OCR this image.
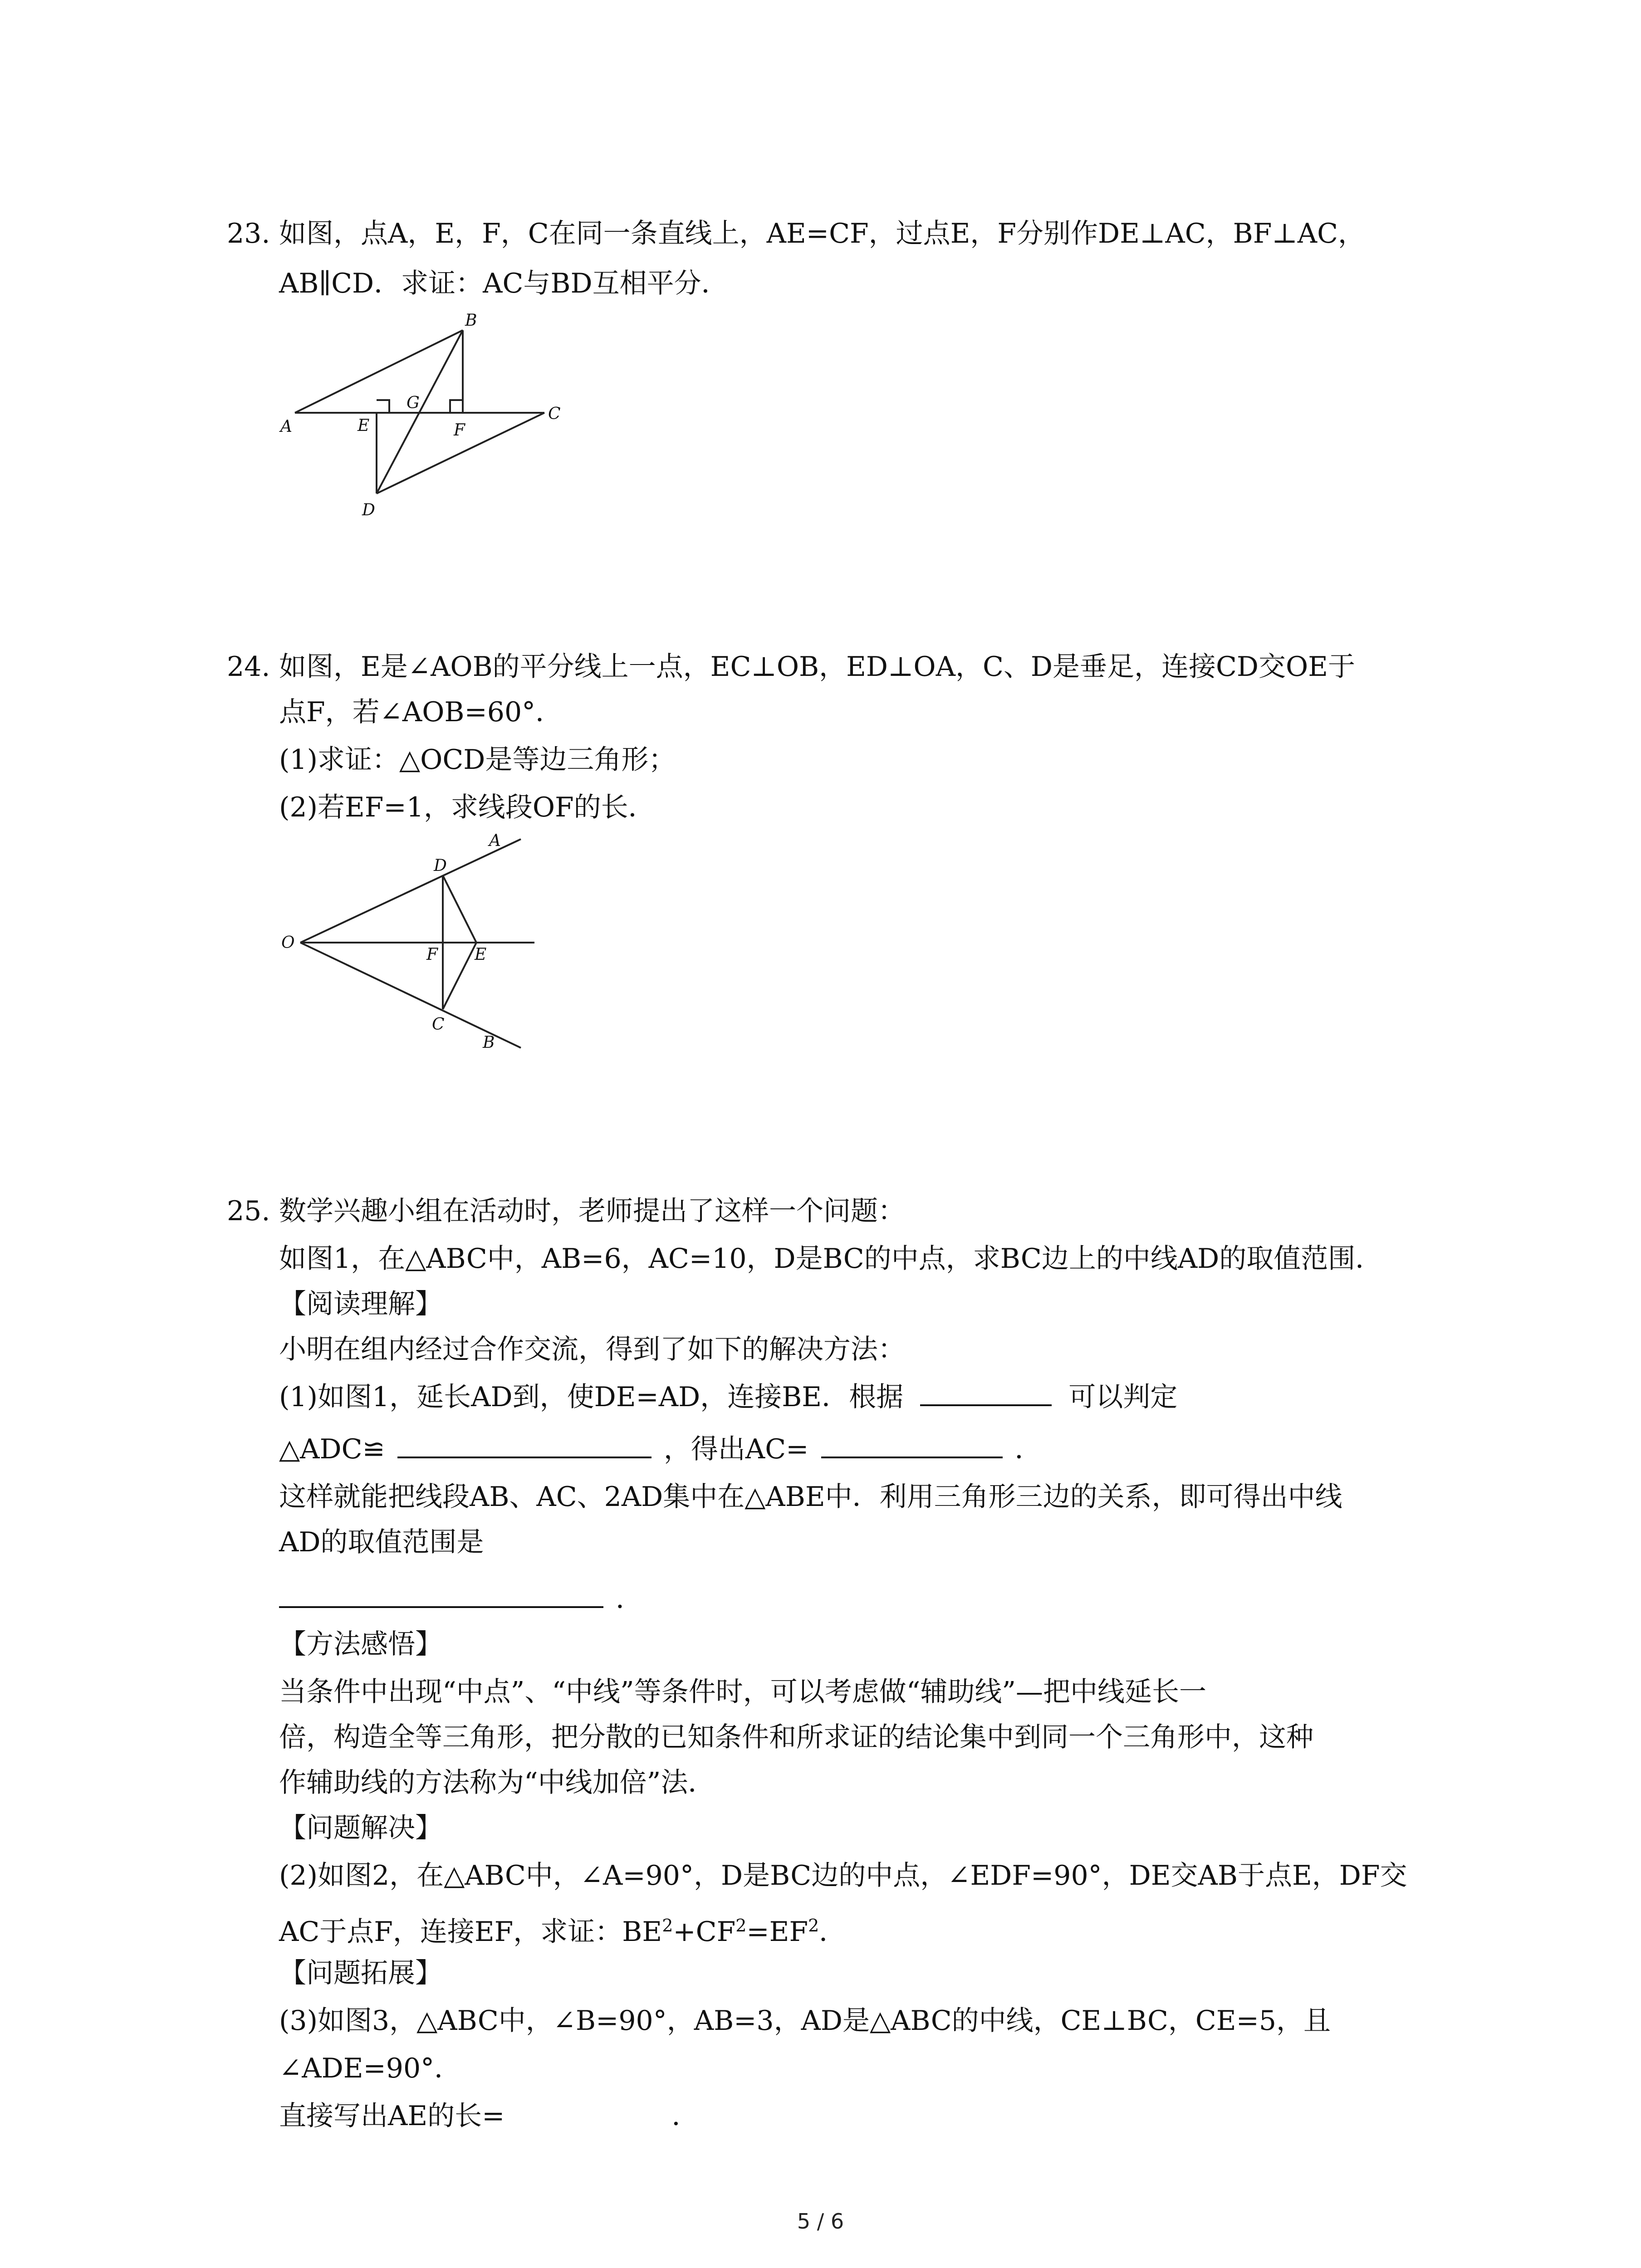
23. 如图，点A，E，F，C在同一条直线上，AE=CF，过点E，F分别作DE⊥AC，BF⊥AC，
AB∥CD．求证：AC与BD互相平分．
B
A	E
G
F
C
D
24. 如图，E是∠AOB的平分线上一点，EC⊥OB，ED⊥OA，C、D是垂足，连接CD交OE于
点F，若∠AOB=60°．
(1)求证：△OCD是等边三角形；
(2)若EF=1，求线段OF的长．
O
D
A
F E
C
B
25. 数学兴趣小组在活动时，老师提出了这样一个问题：
如图1，在△ABC中，AB=6，AC=10，D是BC的中点，求BC边上的中线AD的取值范围．
【阅读理解】
小明在组内经过合作交流，得到了如下的解决方法：
(1)如图1，延长AD到，使DE=AD，连接BE．根据	可以判定
△ADC≌	，得出AC=	．
这样就能把线段AB、AC、2AD集中在△ABE中．利用三角形三边的关系，即可得出中线
AD的取值范围是
．
【方法感悟】
当条件中出现“中点”、“中线”等条件时，可以考虑做“辅助线”—把中线延长一
倍，构造全等三角形，把分散的已知条件和所求证的结论集中到同一个三角形中，这种
作辅助线的方法称为“中线加倍”法．
【问题解决】
(2)如图2，在△ABC中，∠A=90°，D是BC边的中点，∠EDF=90°，DE交AB于点E，DF交
AC于点F，连接EF，求证：$BE^2+CF^2=EF^2$．
【问题拓展】
(3)如图3，△ABC中，∠B=90°，AB=3，AD是△ABC的中线，CE⊥BC，CE=5，且
∠ADE=90°．
直接写出AE的长=	．
5 / 6
